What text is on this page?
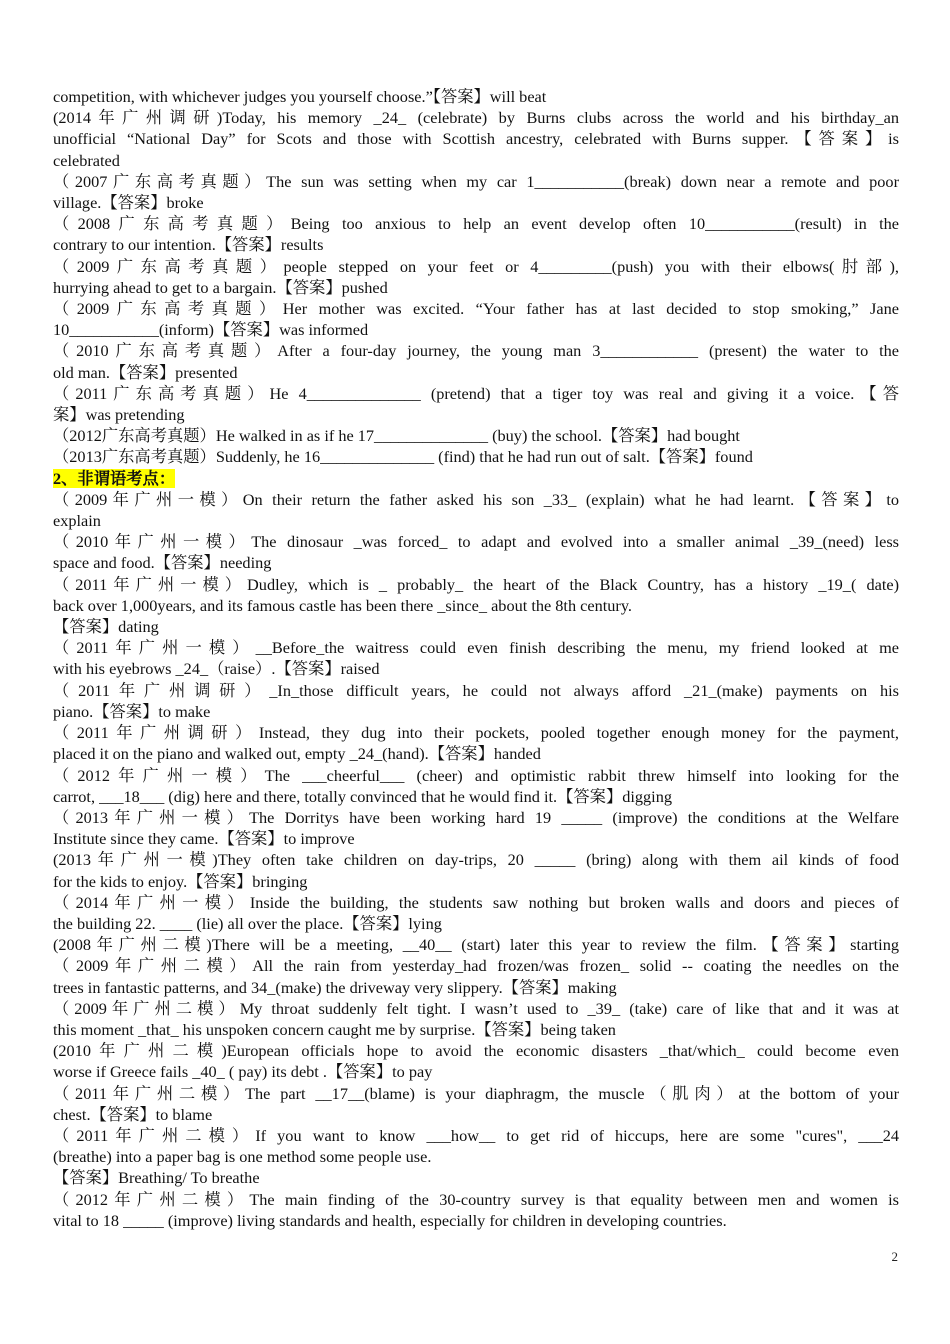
competition, with whichever judges you yourself choose.”【答案】will beat
(2014年广州调研)Today, his memory _24_ (celebrate) by Burns clubs across the world and his birthday_an
unofficial “National Day” for Scots and those with Scottish ancestry, celebrated with Burns supper.【答案】is
celebrated
（2007广东高考真题）The sun was setting when my car 1___________(break) down near a remote and poor
village.【答案】broke
（2008广东高考真题）Being too anxious to help an event develop often 10___________(result) in the
contrary to our intention.【答案】results
（2009广东高考真题）people stepped on your feet or 4_________(push) you with their elbows(肘部),
hurrying ahead to get to a bargain.【答案】pushed
（2009广东高考真题）Her mother was excited. “Your father has at last decided to stop smoking,” Jane
10___________(inform)【答案】was informed
（2010广东高考真题）After a four-day journey, the young man 3____________ (present) the water to the
old man.【答案】presented
（2011广东高考真题）He 4______________ (pretend) that a tiger toy was real and giving it a voice.【答
案】was pretending
（2012广东高考真题）He walked in as if he 17______________ (buy) the school.【答案】had bought
（2013广东高考真题）Suddenly, he 16______________ (find) that he had run out of salt.【答案】found
2、非谓语考点：
（2009年广州一模）On their return the father asked his son _33_ (explain) what he had learnt.【答案】to
explain
（2010年广州一模）The dinosaur _was forced_ to adapt and evolved into a smaller animal _39_(need) less
space and food.【答案】needing
（2011年广州一模）Dudley, which is _ probably_ the heart of the Black Country, has a history _19_( date)
back over 1,000years, and its famous castle has been there _since_ about the 8th century.
【答案】dating
（2011年广州一模）__Before_the waitress could even finish describing the menu, my friend looked at me
with his eyebrows _24_（raise）.【答案】raised
（2011年广州调研）_In_those difficult years, he could not always afford _21_(make) payments on his
piano.【答案】to make
（2011年广州调研）Instead, they dug into their pockets, pooled together enough money for the payment,
placed it on the piano and walked out, empty _24_(hand).【答案】handed
（2012年广州一模）The ___cheerful___ (cheer) and optimistic rabbit threw himself into looking for the
carrot, ___18___ (dig) here and there, totally convinced that he would find it.【答案】digging
（2013年广州一模）The Dorritys have been working hard 19 _____ (improve) the conditions at the Welfare
Institute since they came.【答案】to improve
(2013年广州一模)They often take children on day-trips, 20 _____ (bring) along with them ail kinds of food
for the kids to enjoy.【答案】bringing
（2014年广州一模）Inside the building, the students saw nothing but broken walls and doors and pieces of
the building 22. ____ (lie) all over the place.【答案】lying
(2008年广州二模)There will be a meeting, __40__ (start) later this year to review the film.【答案】starting
（2009年广州二模）All the rain from yesterday_had frozen/was frozen_ solid -- coating the needles on the
trees in fantastic patterns, and 34_(make) the driveway very slippery.【答案】making
（2009年广州二模）My throat suddenly felt tight. I wasn’t used to _39_ (take) care of like that and it was at
this moment _that_ his unspoken concern caught me by surprise.【答案】being taken
(2010年广州二模)European officials hope to avoid the economic disasters _that/which_ could become even
worse if Greece fails _40_ ( pay) its debt .【答案】to pay
（2011年广州二模）The part __17__(blame) is your diaphragm, the muscle（肌肉）at the bottom of your
chest.【答案】to blame
（2011年广州二模）If you want to know ___how__ to get rid of hiccups, here are some "cures", ___24
(breathe) into a paper bag is one method some people use.
【答案】Breathing/ To breathe
（2012年广州二模）The main finding of the 30-country survey is that equality between men and women is
vital to 18 _____ (improve) living standards and health, especially for children in developing countries.
2
